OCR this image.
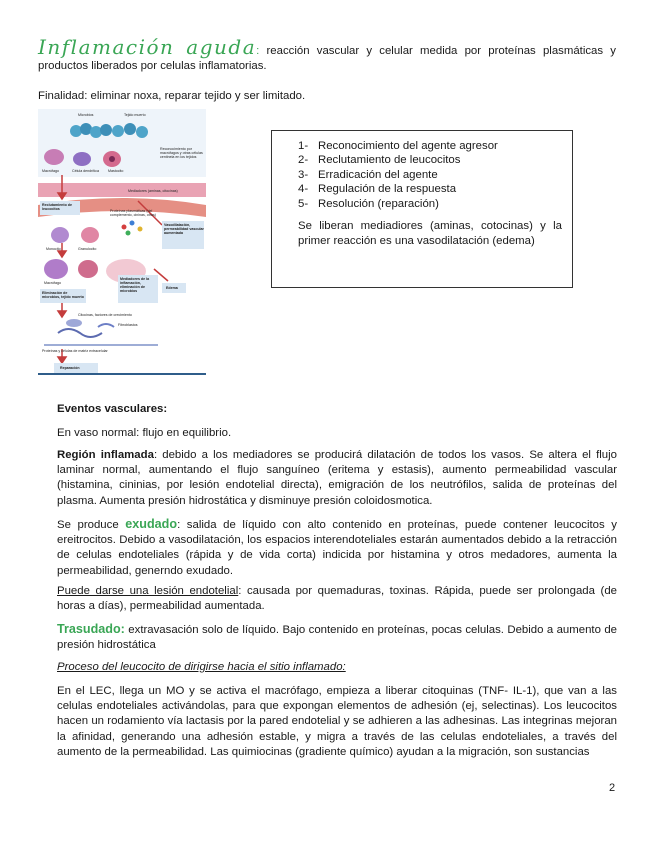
Inflamación aguda: reacción vascular y celular medida por proteínas plasmáticas y productos liberados por celulas inflamatorias.

Finalidad: eliminar noxa, reparar tejido y ser limitado.

Microbios	Tejido muerto
Reconocimiento por macrófagos y otras células centinela en los tejidos
Macrófago	Célula dendrítica	Mastocito
Mediadores (aminas, citocinas)
Reclutamiento de leucocitos	Proteínas plasmáticas (del complemento, cininas, otras)
Vasodilatación, permeabilidad vascular aumentada
Monocito	Granulocito
Macrófago
Mediadores de la inflamación, eliminación de microbios
Edema
Eliminación de microbios, tejido muerto
Citocinas, factores de crecimiento
Fibroblastos
Proteínas y células de matriz extracelular
Reparación
1- Reconocimiento del agente agresor
2- Reclutamiento de leucocitos
3- Erradicación del agente
4- Regulación de la respuesta
5- Resolución (reparación)

Se liberan mediadiores (aminas, cotocinas) y la primer reacción es una vasodilatación (edema)

Eventos vasculares:

En vaso normal: flujo en equilibrio.

Región inflamada: debido a los mediadores se producirá dilatación de todos los vasos. Se altera el flujo laminar normal, aumentando el flujo sanguíneo (eritema y estasis), aumento permeabilidad vascular (histamina, cininias, por lesión endotelial directa), emigración de los neutrófilos, salida de proteínas del plasma. Aumenta presión hidrostática y disminuye presión coloidosmotica.

Se produce exudado: salida de líquido con alto contenido en proteínas, puede contener leucocitos y ereitrocitos. Debido a vasodilatación, los espacios interendoteliales estarán aumentados debido a la retracción de celulas endoteliales (rápida y de vida corta) indicida por histamina y otros medadores, aumenta la permeabilidad, generndo exudado.

Puede darse una lesión endotelial: causada por quemaduras, toxinas. Rápida, puede ser prolongada (de horas a días), permeabilidad aumentada.

Trasudado: extravasación solo de líquido. Bajo contenido en proteínas, pocas celulas. Debido a aumento de presión hidrostática

Proceso del leucocito de dirigirse hacia el sitio inflamado:

En el LEC, llega un MO y se activa el macrófago, empieza a liberar citoquinas (TNF- IL-1), que van a las celulas endoteliales activándolas, para que expongan elementos de adhesión (ej, selectinas). Los leucocitos hacen un rodamiento vía lactasis por la pared endotelial y se adhieren a las adhesinas. Las integrinas mejoran la afinidad, generando una adhesión estable, y migra a través de las celulas endoteliales, a través del aumento de la permeabilidad. Las quimiocinas (gradiente químico) ayudan a la migración, son sustancias

2
